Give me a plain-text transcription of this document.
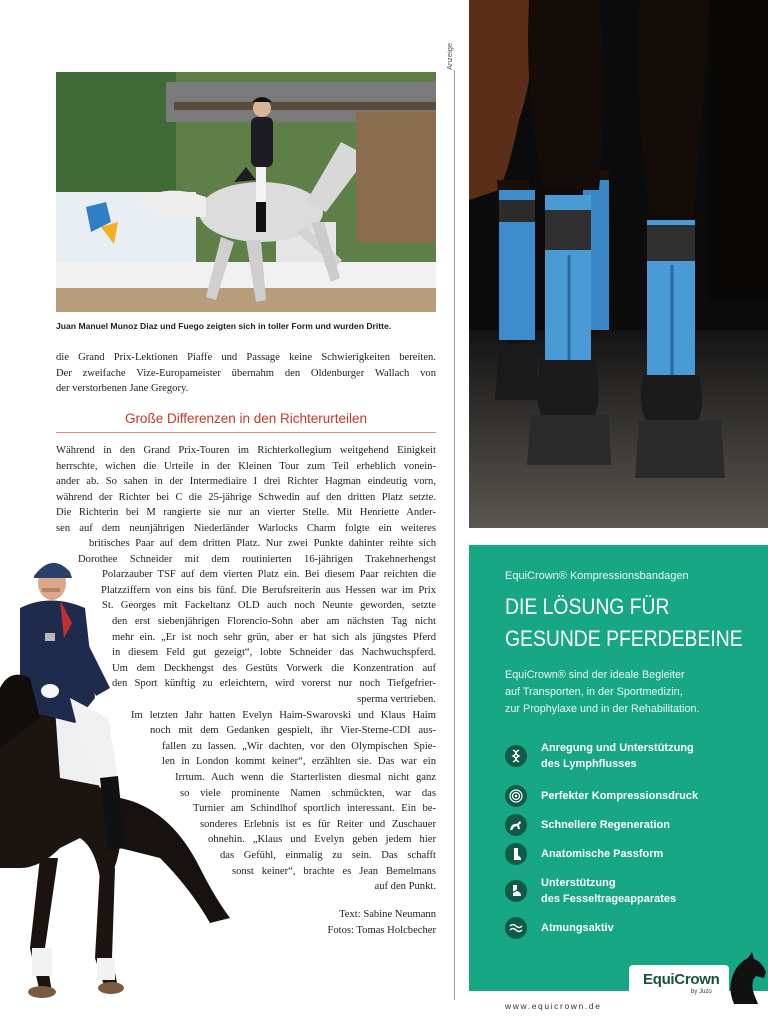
Juan Manuel Munoz Diaz und Fuego zeigten sich in toller Form und wurden Dritte.
die Grand Prix-Lektionen Piaffe und Passage keine Schwierigkeiten bereiten.
Der zweifache Vize-Europameister übernahm den Oldenburger Wallach von
der verstorbenen Jane Gregory.
Große Differenzen in den Richterurteilen
Während in den Grand Prix-Touren im Richterkollegium weitgehend Einigkeit
herrschte, wichen die Urteile in der Kleinen Tour zum Teil erheblich vonein-
ander ab. So sahen in der Intermediaire I drei Richter Hagman eindeutig vorn,
während der Richter bei C die 25-jährige Schwedin auf den dritten Platz setzte.
Die Richterin bei M rangierte sie nur an vierter Stelle. Mit Henriette Ander-
sen auf dem neunjährigen Niederländer Warlocks Charm folgte ein weiteres
britisches Paar auf dem dritten Platz. Nur zwei Punkte dahinter reihte sich
Dorothee Schneider mit dem routinierten 16-jährigen Trakehnerhengst
Polarzauber TSF auf dem vierten Platz ein. Bei diesem Paar reichten die
Platzziffern von eins bis fünf. Die Berufsreiterin aus Hessen war im Prix
St. Georges mit Fackeltanz OLD auch noch Neunte geworden, setzte
den erst siebenjährigen Florencio-Sohn aber am nächsten Tag nicht
mehr ein. „Er ist noch sehr grün, aber er hat sich als jüngstes Pferd
in diesem Feld gut gezeigt“, lobte Schneider das Nachwuchspferd.
Um dem Deckhengst des Gestüts Vorwerk die Konzentration auf
den Sport künftig zu erleichtern, wird vorerst nur noch Tiefgefrier-
sperma vertrieben.
Im letzten Jahr hatten Evelyn Haim-Swarovski und Klaus Haim
noch mit dem Gedanken gespielt, ihr Vier-Sterne-CDI aus-
fallen zu lassen. „Wir dachten, vor den Olympischen Spie-
len in London kommt keiner“, erzählten sie. Das war ein
Irrtum. Auch wenn die Starterlisten diesmal nicht ganz
so viele prominente Namen schmückten, war das
Turnier am Schindlhof sportlich interessant. Ein be-
sonderes Erlebnis ist es für Reiter und Zuschauer
ohnehin. „Klaus und Evelyn geben jedem hier
das Gefühl, einmalig zu sein. Das schafft
sonst keiner“, brachte es Jean Bemelmans
auf den Punkt.
Text: Sabine Neumann
Fotos: Tomas Holcbecher
Anzeige
EquiCrown® Kompressionsbandagen
DIE LÖSUNG FÜR
GESUNDE PFERDEBEINE
EquiCrown® sind der ideale Begleiter
auf Transporten, in der Sportmedizin,
zur Prophylaxe und in der Rehabilitation.
Anregung und Unterstützung
des Lymphflusses
Perfekter Kompressionsdruck
Schnellere Regeneration
Anatomische Passform
Unterstützung
des Fesseltrageapparates
Atmungsaktiv
EquiCrown
by Juzo
www.equicrown.de
